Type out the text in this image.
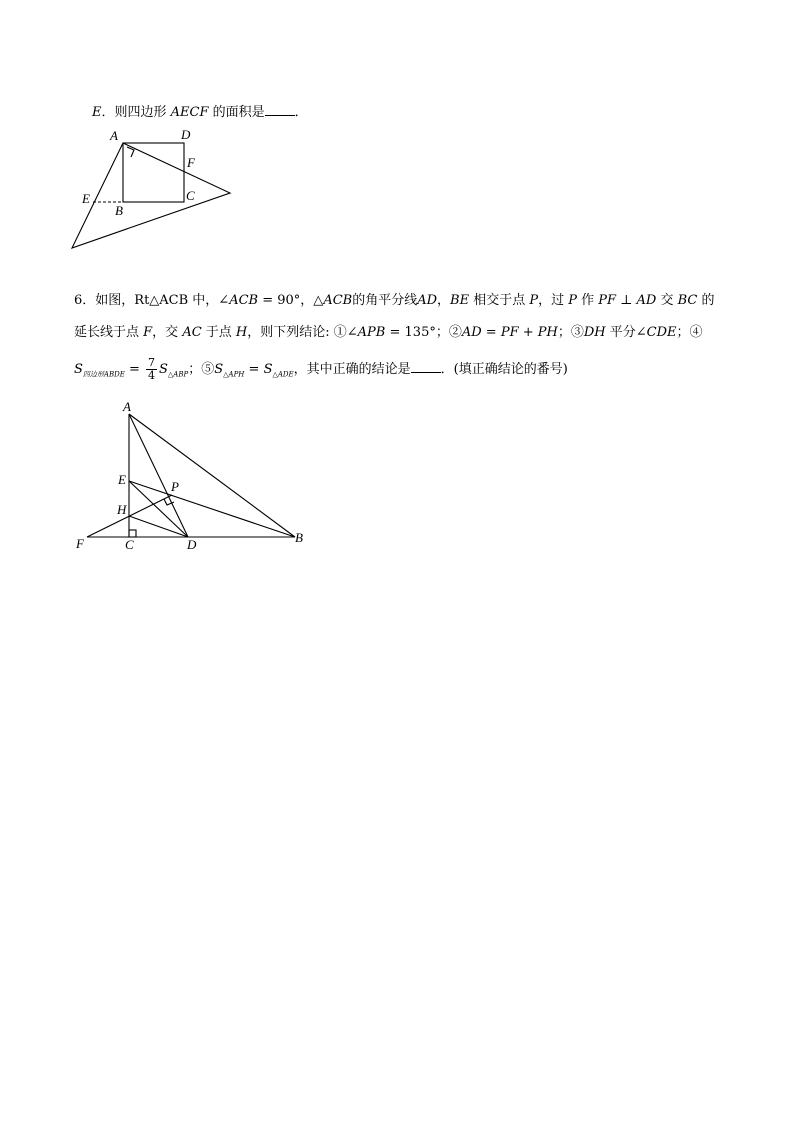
E．则四边形 AECF 的面积是 ．
A	D
F
C
E
B
6．如图，Rt△ACB 中，∠ACB = 90°，△ACB的角平分线AD，BE 相交于点 P，过 P 作 PF ⊥ AD 交 BC 的
延长线于点 F，交 AC 于点 H，则下列结论: ①∠APB = 135°；②AD = PF + PH；③DH 平分∠CDE；④
$S_{四边形ABDE} = \frac{7}{4} S_{\triangle ABP}$；$⑤S_{\triangle APH} = S_{\triangle ADE}$，其中正确的结论是 ．(填正确结论的番号)
A
E	P
H
F	C	D	B
